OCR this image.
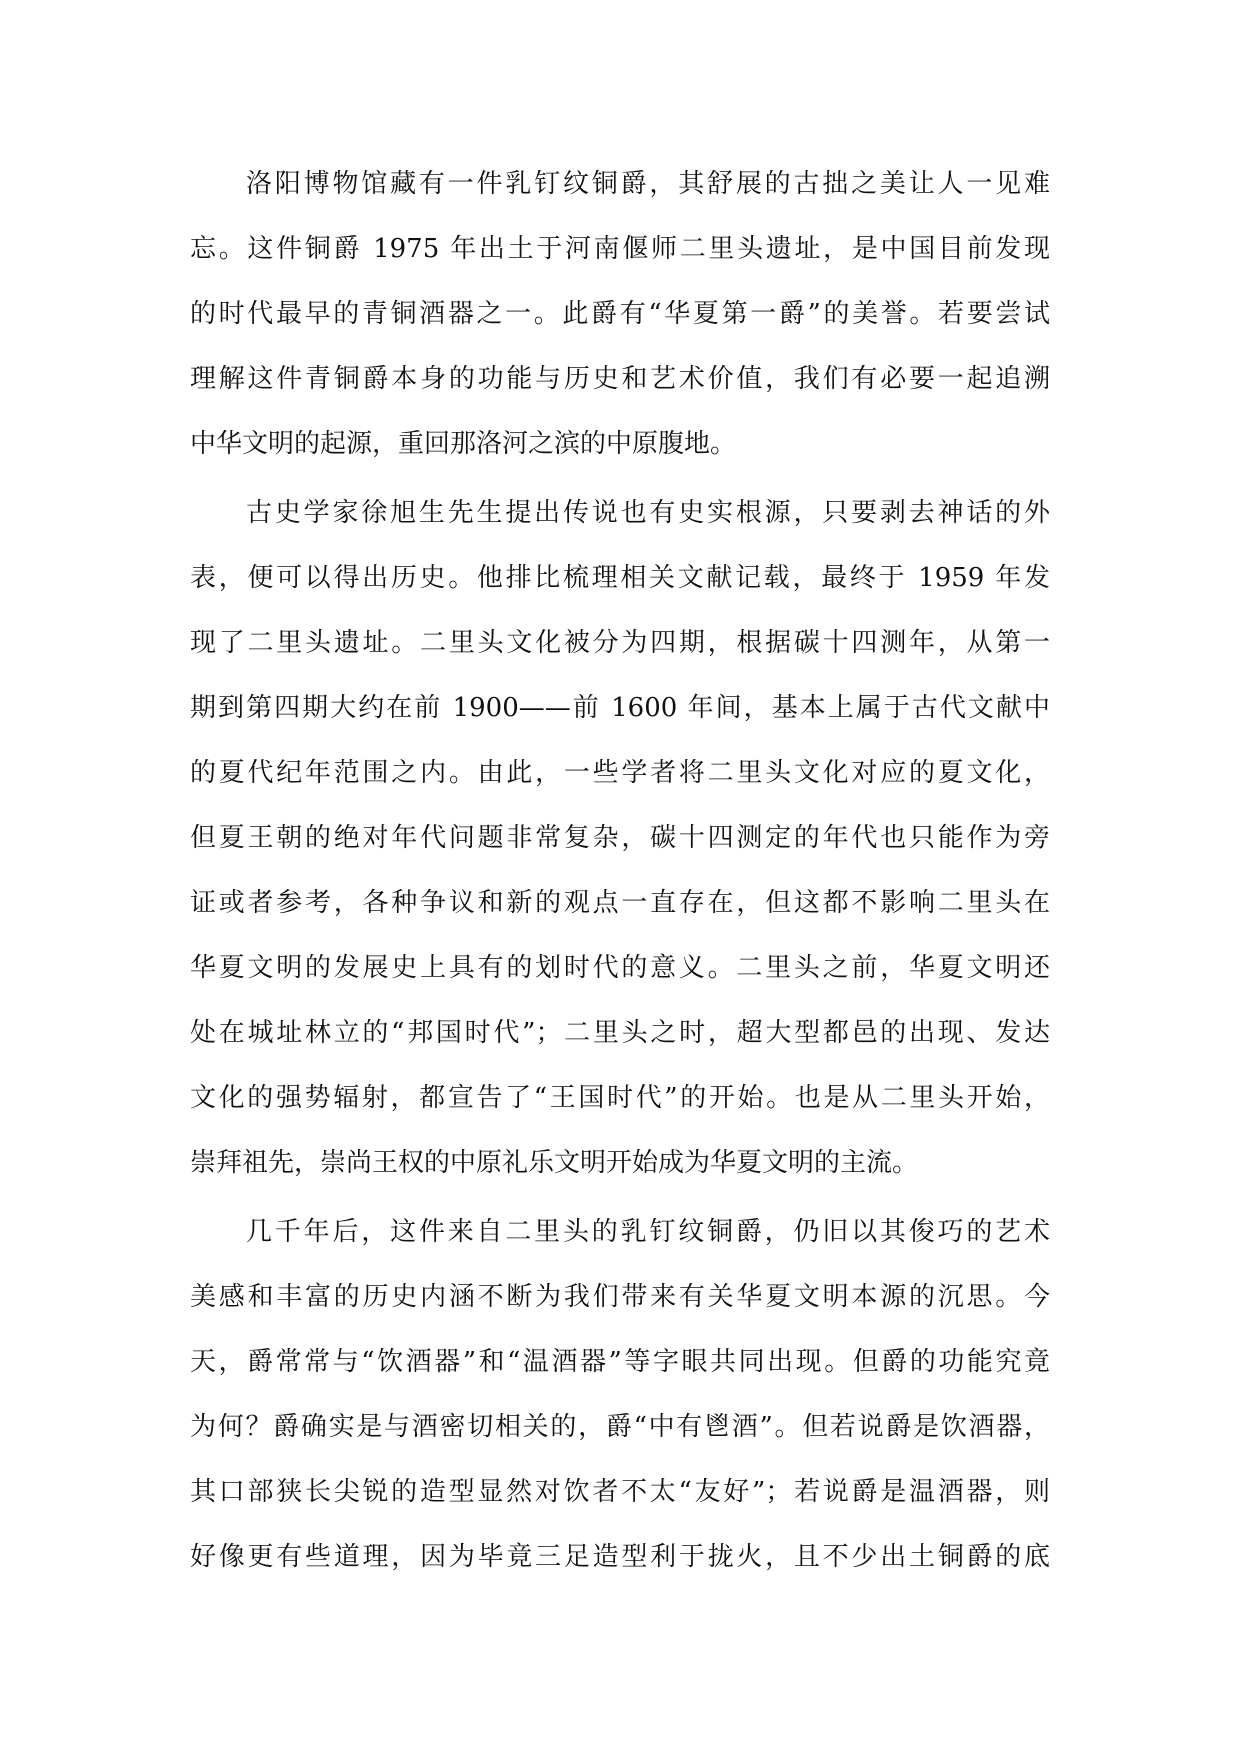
洛阳博物馆藏有一件乳钉纹铜爵，其舒展的古拙之美让人一见难
忘。这件铜爵 1975 年出土于河南偃师二里头遗址，是中国目前发现
的时代最早的青铜酒器之一。此爵有“华夏第一爵”的美誉。若要尝试
理解这件青铜爵本身的功能与历史和艺术价值，我们有必要一起追溯
中华文明的起源，重回那洛河之滨的中原腹地。
古史学家徐旭生先生提出传说也有史实根源，只要剥去神话的外
表，便可以得出历史。他排比梳理相关文献记载，最终于 1959 年发
现了二里头遗址。二里头文化被分为四期，根据碳十四测年，从第一
期到第四期大约在前 1900——前 1600 年间，基本上属于古代文献中
的夏代纪年范围之内。由此，一些学者将二里头文化对应的夏文化，
但夏王朝的绝对年代问题非常复杂，碳十四测定的年代也只能作为旁
证或者参考，各种争议和新的观点一直存在，但这都不影响二里头在
华夏文明的发展史上具有的划时代的意义。二里头之前，华夏文明还
处在城址林立的“邦国时代”；二里头之时，超大型都邑的出现、发达
文化的强势辐射，都宣告了“王国时代”的开始。也是从二里头开始，
崇拜祖先，崇尚王权的中原礼乐文明开始成为华夏文明的主流。
几千年后，这件来自二里头的乳钉纹铜爵，仍旧以其俊巧的艺术
美感和丰富的历史内涵不断为我们带来有关华夏文明本源的沉思。今
天，爵常常与“饮酒器”和“温酒器”等字眼共同出现。但爵的功能究竟
为何？爵确实是与酒密切相关的，爵“中有鬯酒”。但若说爵是饮酒器，
其口部狭长尖锐的造型显然对饮者不太“友好”；若说爵是温酒器，则
好像更有些道理，因为毕竟三足造型利于拢火，且不少出土铜爵的底
